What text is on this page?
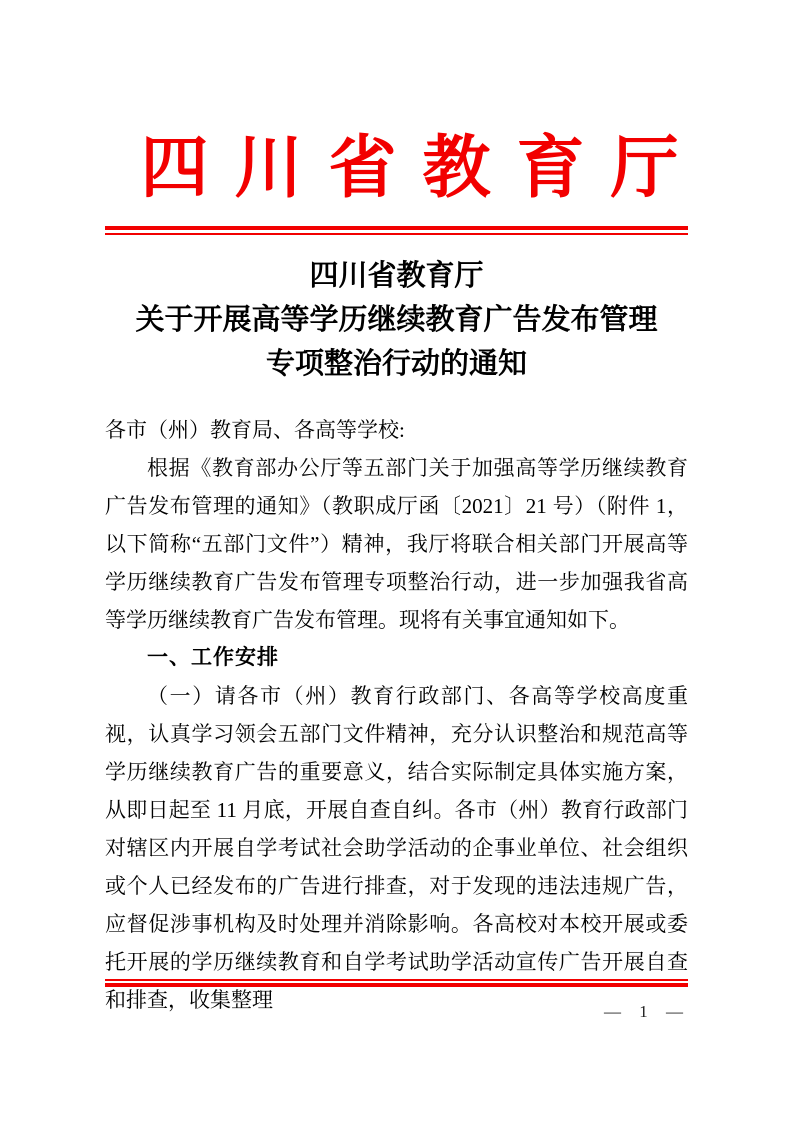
四川省教育厅
四川省教育厅
关于开展高等学历继续教育广告发布管理
专项整治行动的通知

各市（州）教育局、各高等学校:

根据《教育部办公厅等五部门关于加强高等学历继续教育广告发布管理的通知》（教职成厅函〔2021〕21 号）（附件 1，以下简称“五部门文件”）精神，我厅将联合相关部门开展高等学历继续教育广告发布管理专项整治行动，进一步加强我省高等学历继续教育广告发布管理。现将有关事宜通知如下。

一、工作安排

（一）请各市（州）教育行政部门、各高等学校高度重视，认真学习领会五部门文件精神，充分认识整治和规范高等学历继续教育广告的重要意义，结合实际制定具体实施方案，从即日起至 11 月底，开展自查自纠。各市（州）教育行政部门对辖区内开展自学考试社会助学活动的企事业单位、社会组织或个人已经发布的广告进行排查，对于发现的违法违规广告，应督促涉事机构及时处理并消除影响。各高校对本校开展或委托开展的学历继续教育和自学考试助学活动宣传广告开展自查和排查，收集整理	— 1 —
